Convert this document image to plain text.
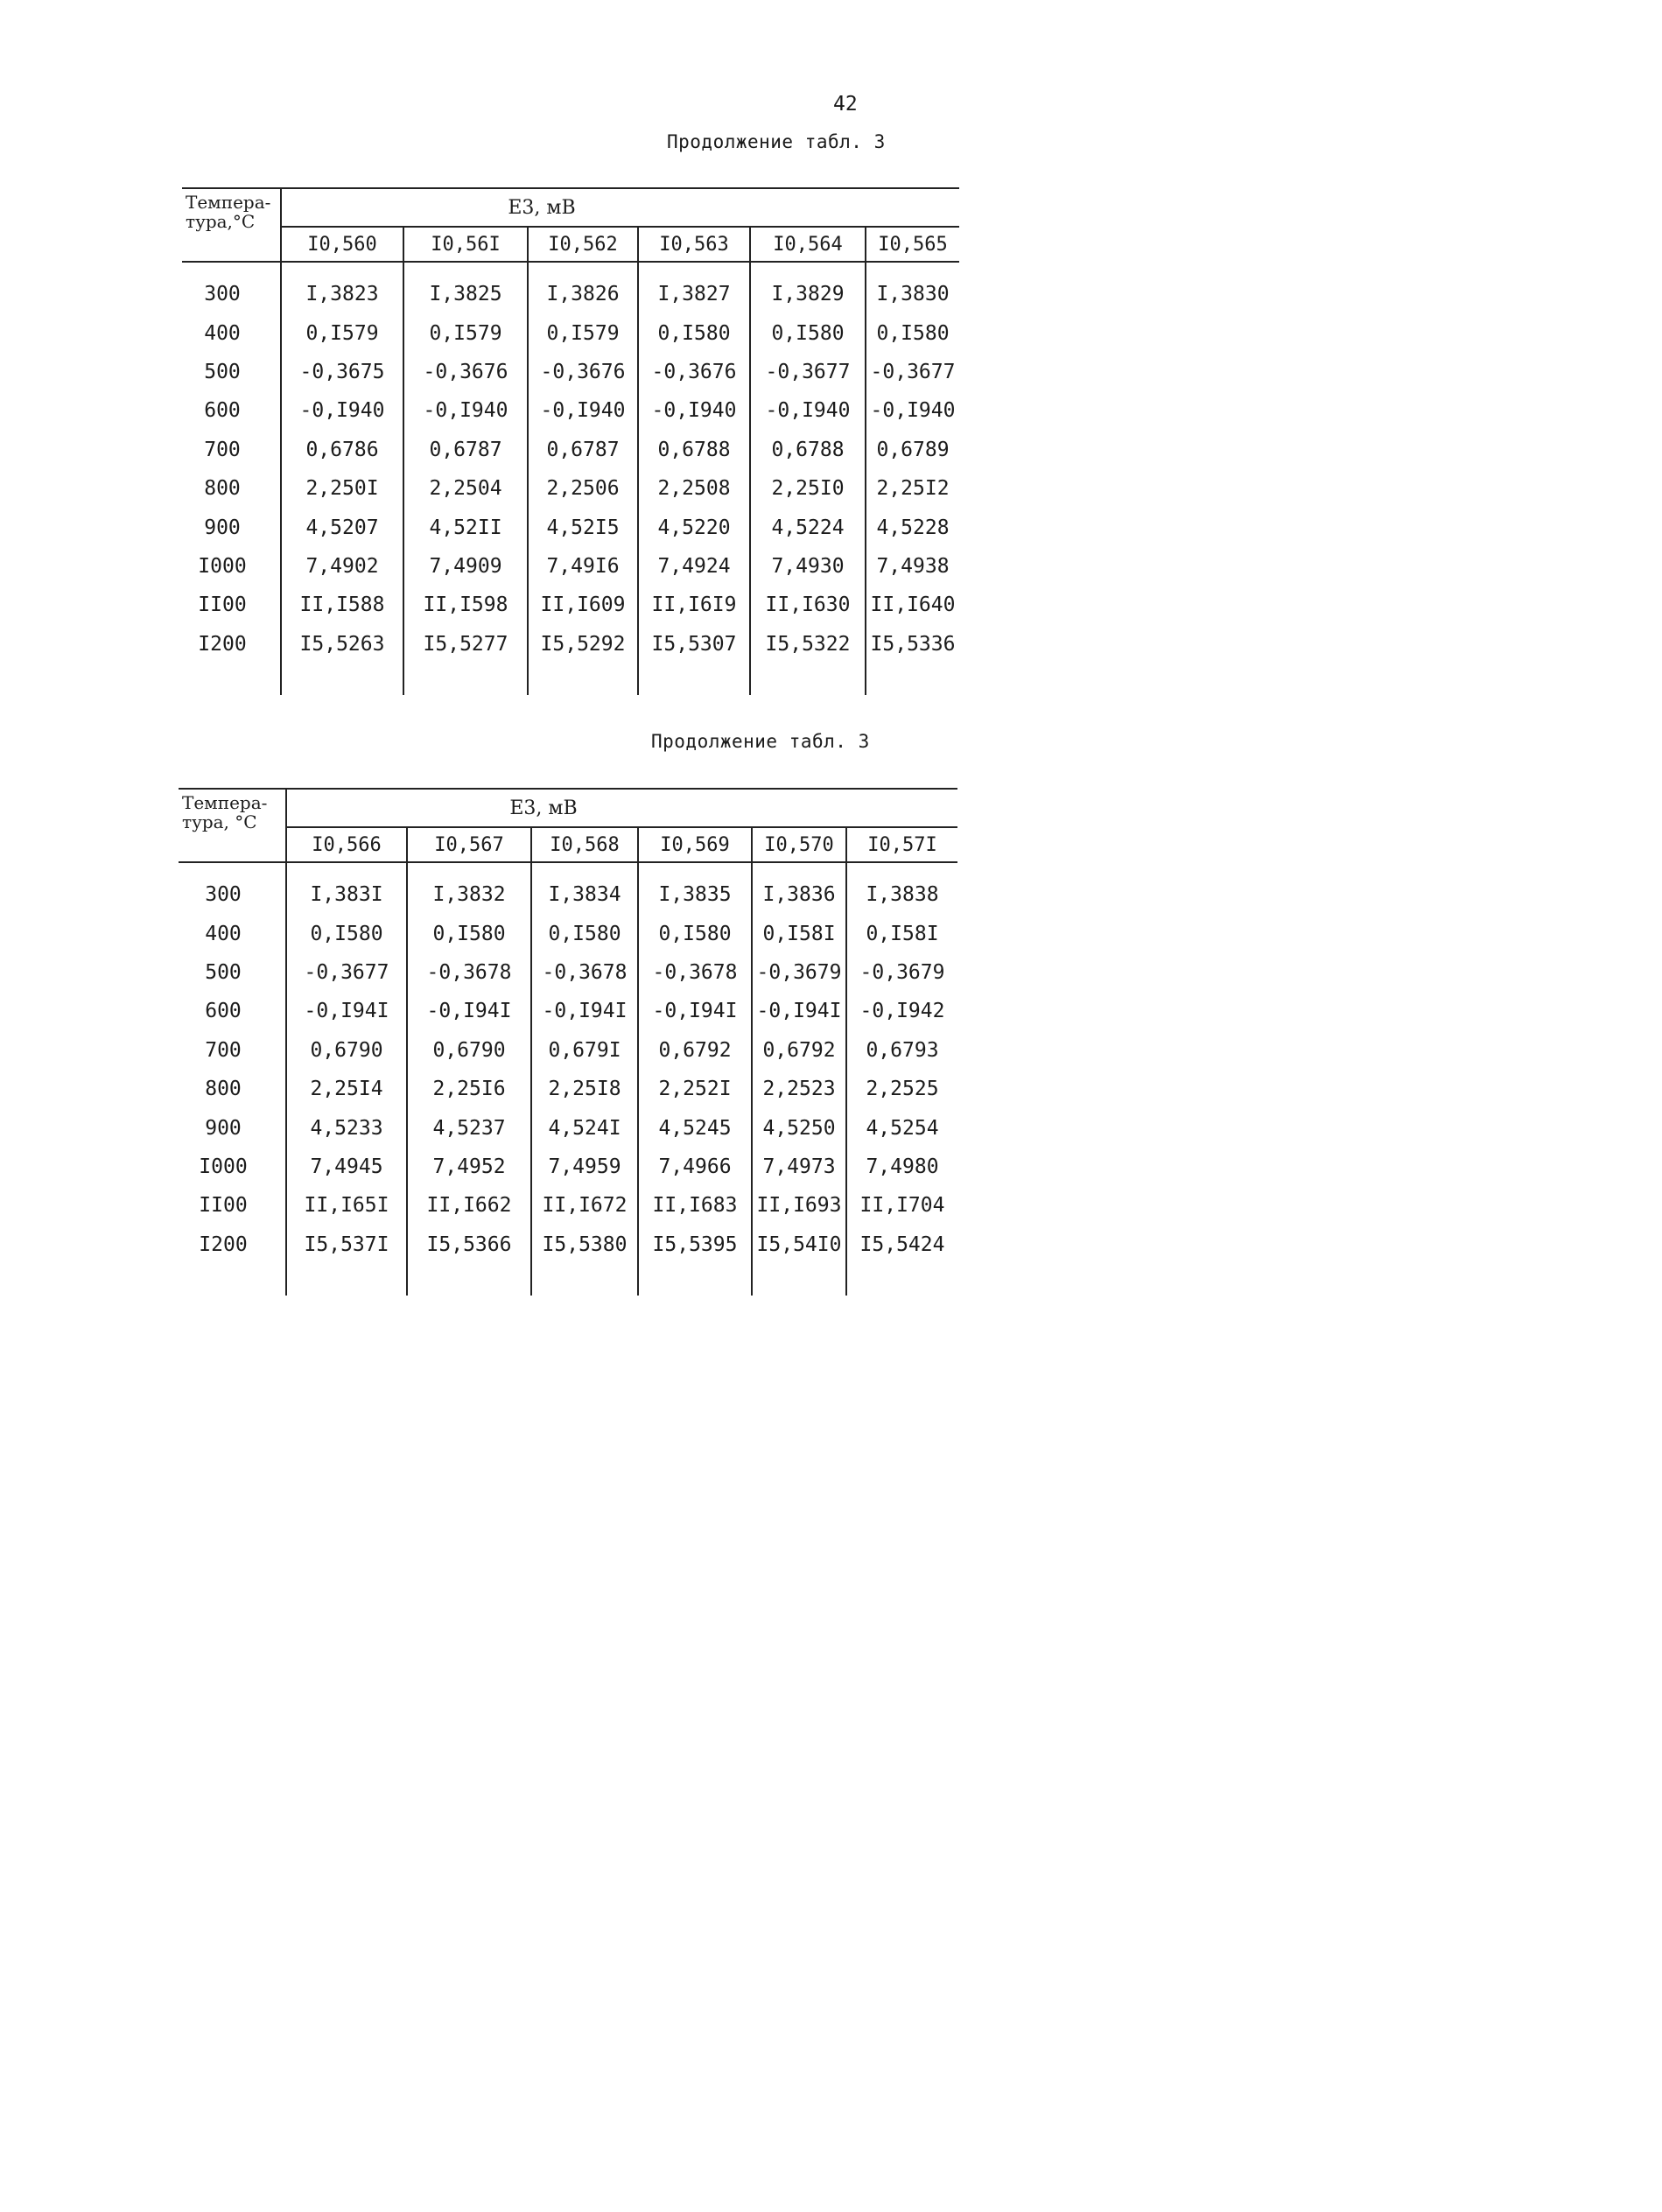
42
Продолжение табл. 3
Темпера-тура,°C	E3, мВ					
	I0,560	I0,56I	I0,562	I0,563	I0,564	I0,565
300	I,3823	I,3825	I,3826	I,3827	I,3829	I,3830
400	0,I579	0,I579	0,I579	0,I580	0,I580	0,I580
500	-0,3675	-0,3676	-0,3676	-0,3676	-0,3677	-0,3677
600	-0,I940	-0,I940	-0,I940	-0,I940	-0,I940	-0,I940
700	0,6786	0,6787	0,6787	0,6788	0,6788	0,6789
800	2,250I	2,2504	2,2506	2,2508	2,25I0	2,25I2
900	4,5207	4,52II	4,52I5	4,5220	4,5224	4,5228
I000	7,4902	7,4909	7,49I6	7,4924	7,4930	7,4938
II00	II,I588	II,I598	II,I609	II,I6I9	II,I630	II,I640
I200	I5,5263	I5,5277	I5,5292	I5,5307	I5,5322	I5,5336

Продолжение табл. 3
Темпера-тура, °C	E3, мВ					
	I0,566	I0,567	I0,568	I0,569	I0,570	I0,57I
300	I,383I	I,3832	I,3834	I,3835	I,3836	I,3838
400	0,I580	0,I580	0,I580	0,I580	0,I58I	0,I58I
500	-0,3677	-0,3678	-0,3678	-0,3678	-0,3679	-0,3679
600	-0,I94I	-0,I94I	-0,I94I	-0,I94I	-0,I94I	-0,I942
700	0,6790	0,6790	0,679I	0,6792	0,6792	0,6793
800	2,25I4	2,25I6	2,25I8	2,252I	2,2523	2,2525
900	4,5233	4,5237	4,524I	4,5245	4,5250	4,5254
I000	7,4945	7,4952	7,4959	7,4966	7,4973	7,4980
II00	II,I65I	II,I662	II,I672	II,I683	II,I693	II,I704
I200	I5,537I	I5,5366	I5,5380	I5,5395	I5,54I0	I5,5424
